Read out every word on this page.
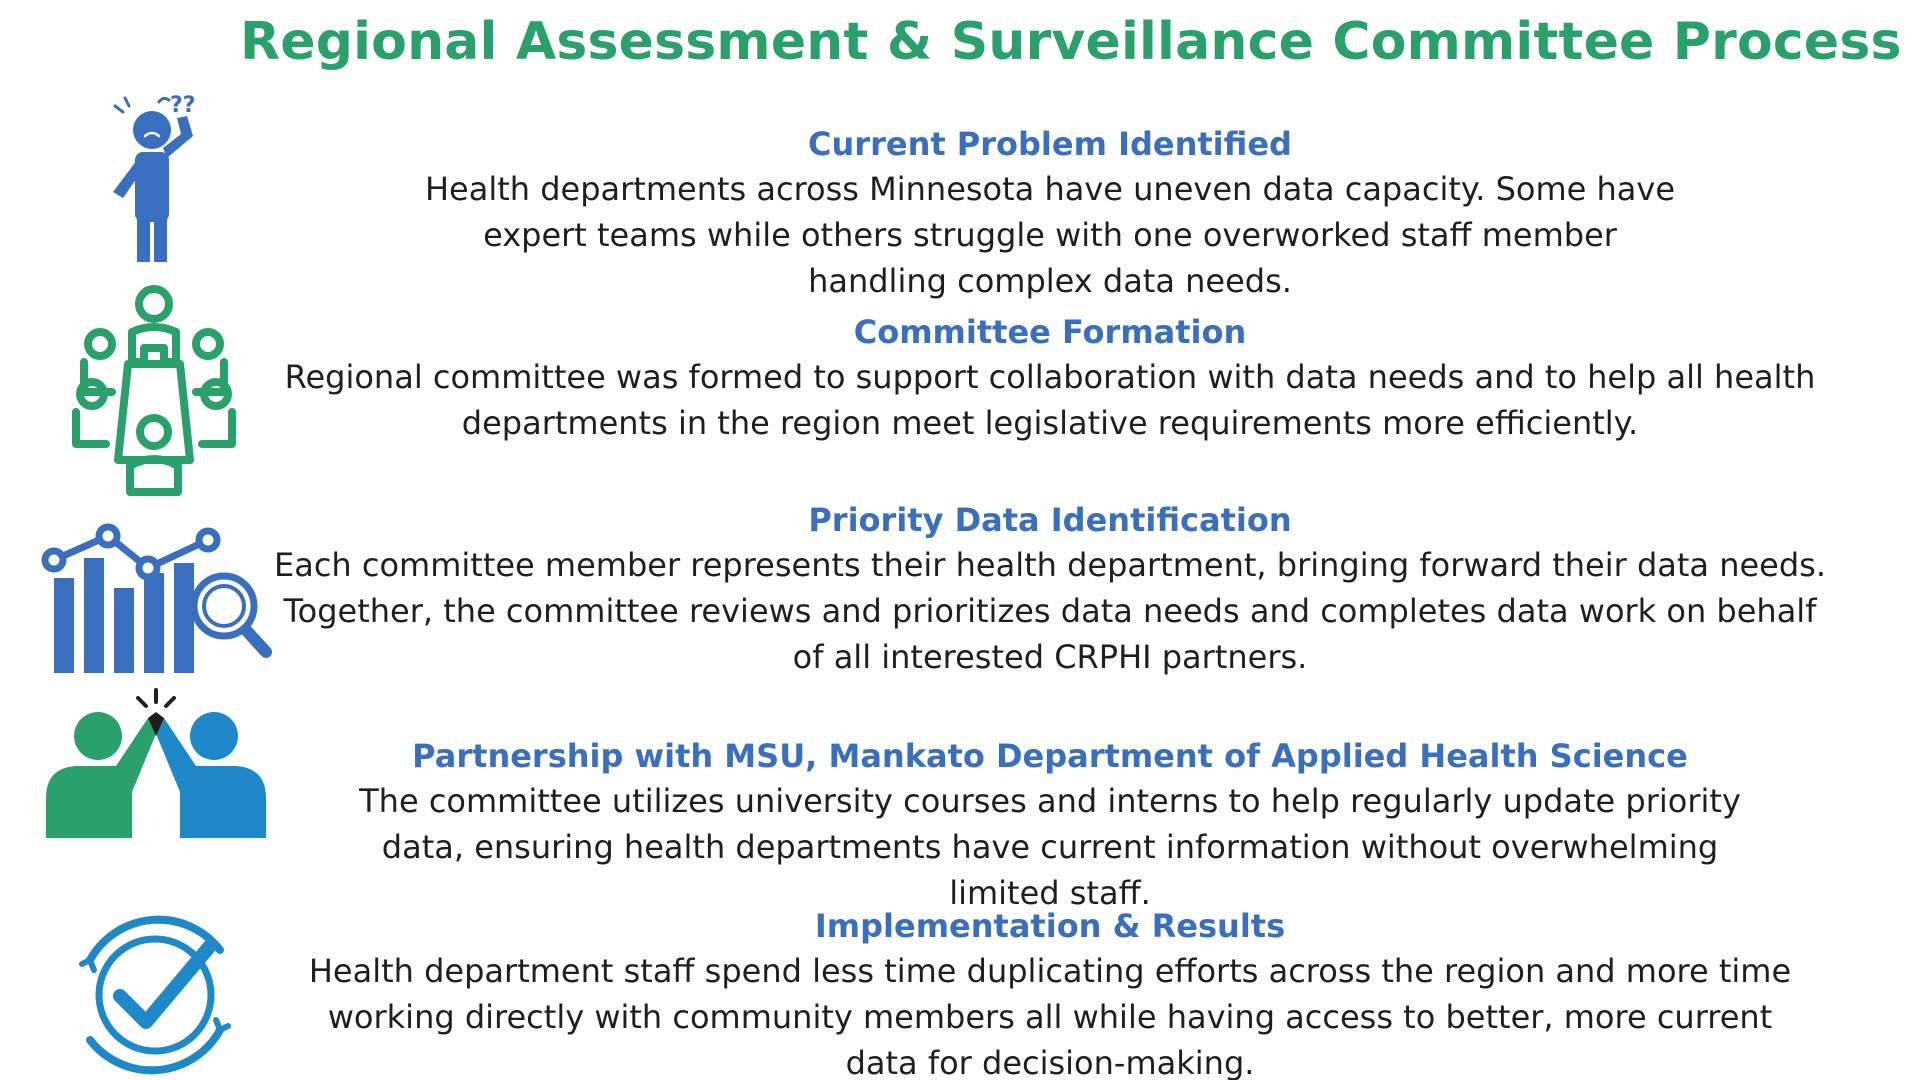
Regional Assessment & Surveillance Committee Process
??
Current Problem Identified
Health departments across Minnesota have uneven data capacity. Some have expert teams while others struggle with one overworked staff member handling complex data needs.
Committee Formation
Regional committee was formed to support collaboration with data needs and to help all health departments in the region meet legislative requirements more efficiently.
Priority Data Identification
Each committee member represents their health department, bringing forward their data needs. Together, the committee reviews and prioritizes data needs and completes data work on behalf of all interested CRPHI partners.
Partnership with MSU, Mankato Department of Applied Health Science
The committee utilizes university courses and interns to help regularly update priority data, ensuring health departments have current information without overwhelming limited staff.
Implementation & Results
Health department staff spend less time duplicating efforts across the region and more time working directly with community members all while having access to better, more current data for decision-making.
